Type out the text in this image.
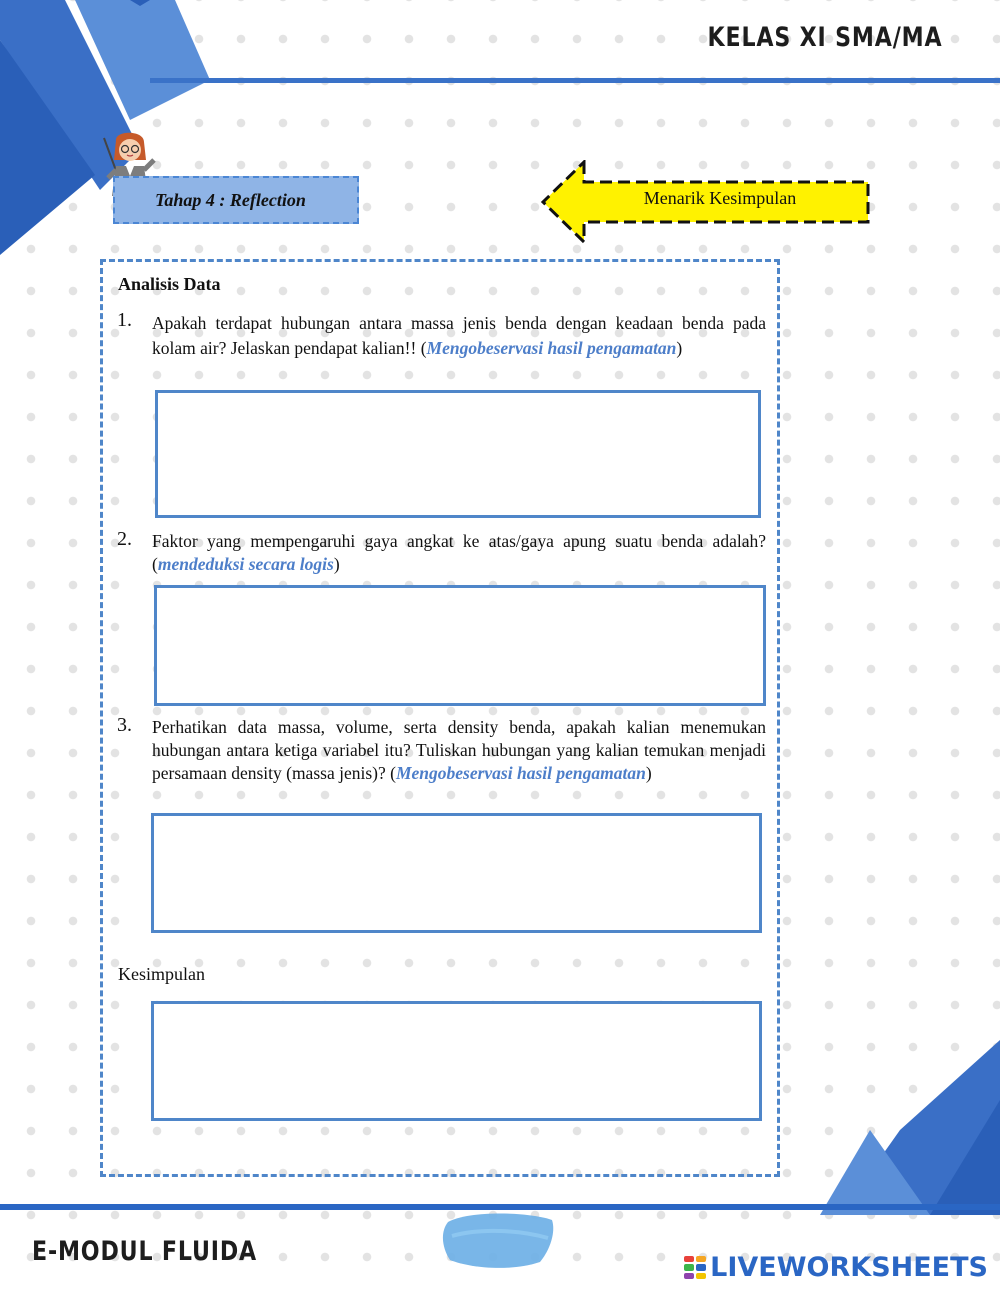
KELAS XI SMA/MA
Tahap 4 : Reflection	Menarik Kesimpulan
Analisis Data
1. Apakah terdapat hubungan antara massa jenis benda dengan keadaan benda pada kolam air? Jelaskan pendapat kalian!! (Mengobeservasi hasil pengamatan)
2. Faktor yang mempengaruhi gaya angkat ke atas/gaya apung suatu benda adalah? (mendeduksi secara logis)
3. Perhatikan data massa, volume, serta density benda, apakah kalian menemukan hubungan antara ketiga variabel itu? Tuliskan hubungan yang kalian temukan menjadi persamaan density (massa jenis)? (Mengobeservasi hasil pengamatan)
Kesimpulan
E-MODUL FLUIDA
LIVEWORKSHEETS
